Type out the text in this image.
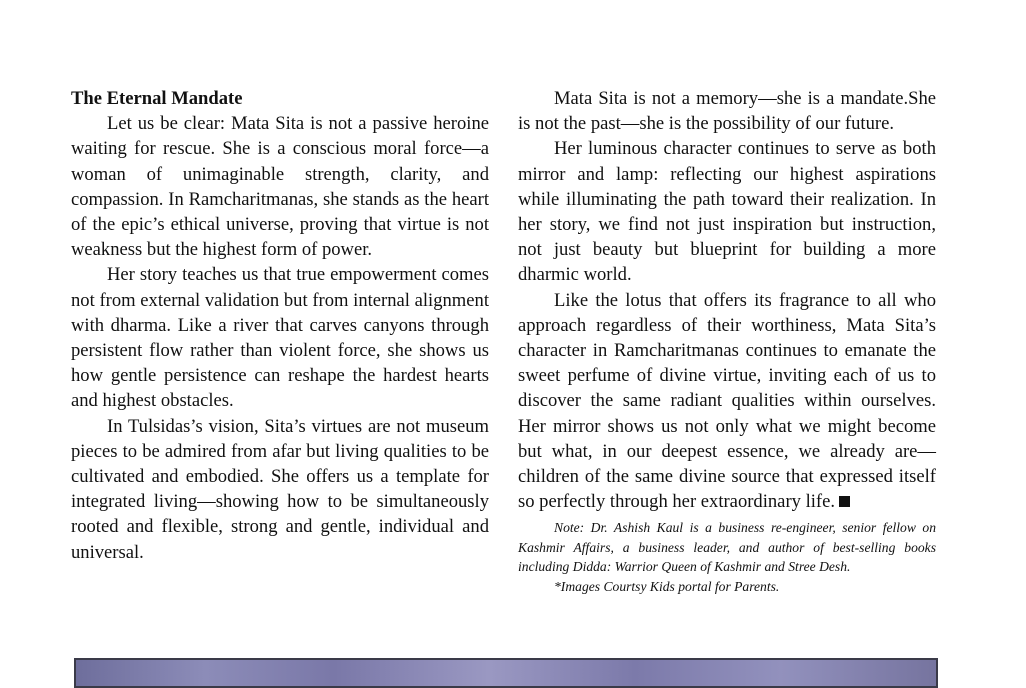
The Eternal Mandate

Let us be clear: Mata Sita is not a passive heroine waiting for rescue. She is a conscious moral force—a woman of unimaginable strength, clarity, and compassion. In Ramcharitmanas, she stands as the heart of the epic’s ethical universe, proving that virtue is not weakness but the highest form of power.

Her story teaches us that true empowerment comes not from external validation but from internal alignment with dharma. Like a river that carves canyons through persistent flow rather than violent force, she shows us how gentle persistence can reshape the hardest hearts and highest obstacles.

In Tulsidas’s vision, Sita’s virtues are not museum pieces to be admired from afar but living qualities to be cultivated and embodied. She offers us a template for integrated living—showing how to be simultaneously rooted and flexible, strong and gentle, individual and universal.

Mata Sita is not a memory—she is a mandate.She is not the past—she is the possibility of our future.

Her luminous character continues to serve as both mirror and lamp: reflecting our highest aspirations while illuminating the path toward their realization. In her story, we find not just inspiration but instruction, not just beauty but blueprint for building a more dharmic world.

Like the lotus that offers its fragrance to all who approach regardless of their worthiness, Mata Sita’s character in Ramcharitmanas continues to emanate the sweet perfume of divine virtue, inviting each of us to discover the same radiant qualities within ourselves. Her mirror shows us not only what we might become but what, in our deepest essence, we already are—children of the same divine source that expressed itself so perfectly through her extraordinary life.

Note: Dr. Ashish Kaul is a business re-engineer, senior fellow on Kashmir Affairs, a business leader, and author of best-selling books including Didda: Warrior Queen of Kashmir and Stree Desh.

*Images Courtsy Kids portal for Parents.
